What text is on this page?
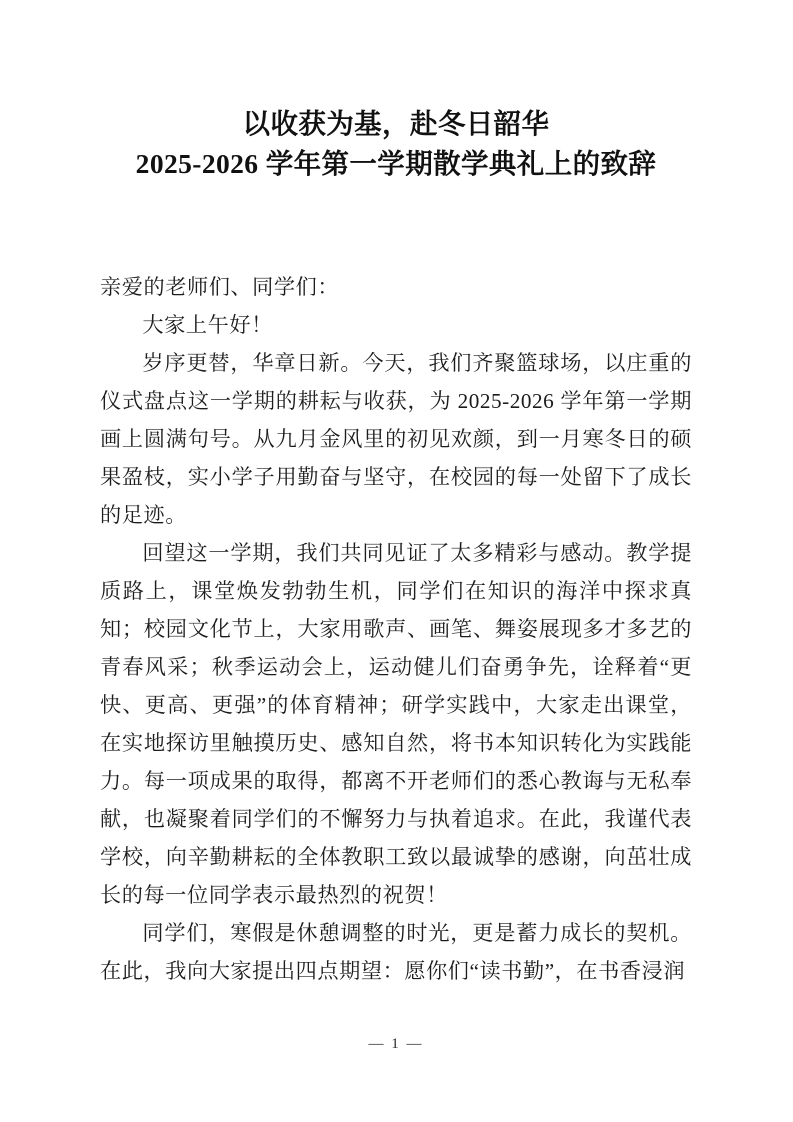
以收获为基，赴冬日韶华
2025-2026 学年第一学期散学典礼上的致辞

亲爱的老师们、同学们：

大家上午好！

岁序更替，华章日新。今天，我们齐聚篮球场，以庄重的仪式盘点这一学期的耕耘与收获，为 2025-2026 学年第一学期画上圆满句号。从九月金风里的初见欢颜，到一月寒冬日的硕果盈枝，实小学子用勤奋与坚守，在校园的每一处留下了成长的足迹。

回望这一学期，我们共同见证了太多精彩与感动。教学提质路上，课堂焕发勃勃生机，同学们在知识的海洋中探求真知；校园文化节上，大家用歌声、画笔、舞姿展现多才多艺的青春风采；秋季运动会上，运动健儿们奋勇争先，诠释着“更快、更高、更强”的体育精神；研学实践中，大家走出课堂，在实地探访里触摸历史、感知自然，将书本知识转化为实践能力。每一项成果的取得，都离不开老师们的悉心教诲与无私奉献，也凝聚着同学们的不懈努力与执着追求。在此，我谨代表学校，向辛勤耕耘的全体教职工致以最诚挚的感谢，向茁壮成长的每一位同学表示最热烈的祝贺！

同学们，寒假是休憩调整的时光，更是蓄力成长的契机。在此，我向大家提出四点期望：愿你们“读书勤”，在书香浸润

— 1 —
